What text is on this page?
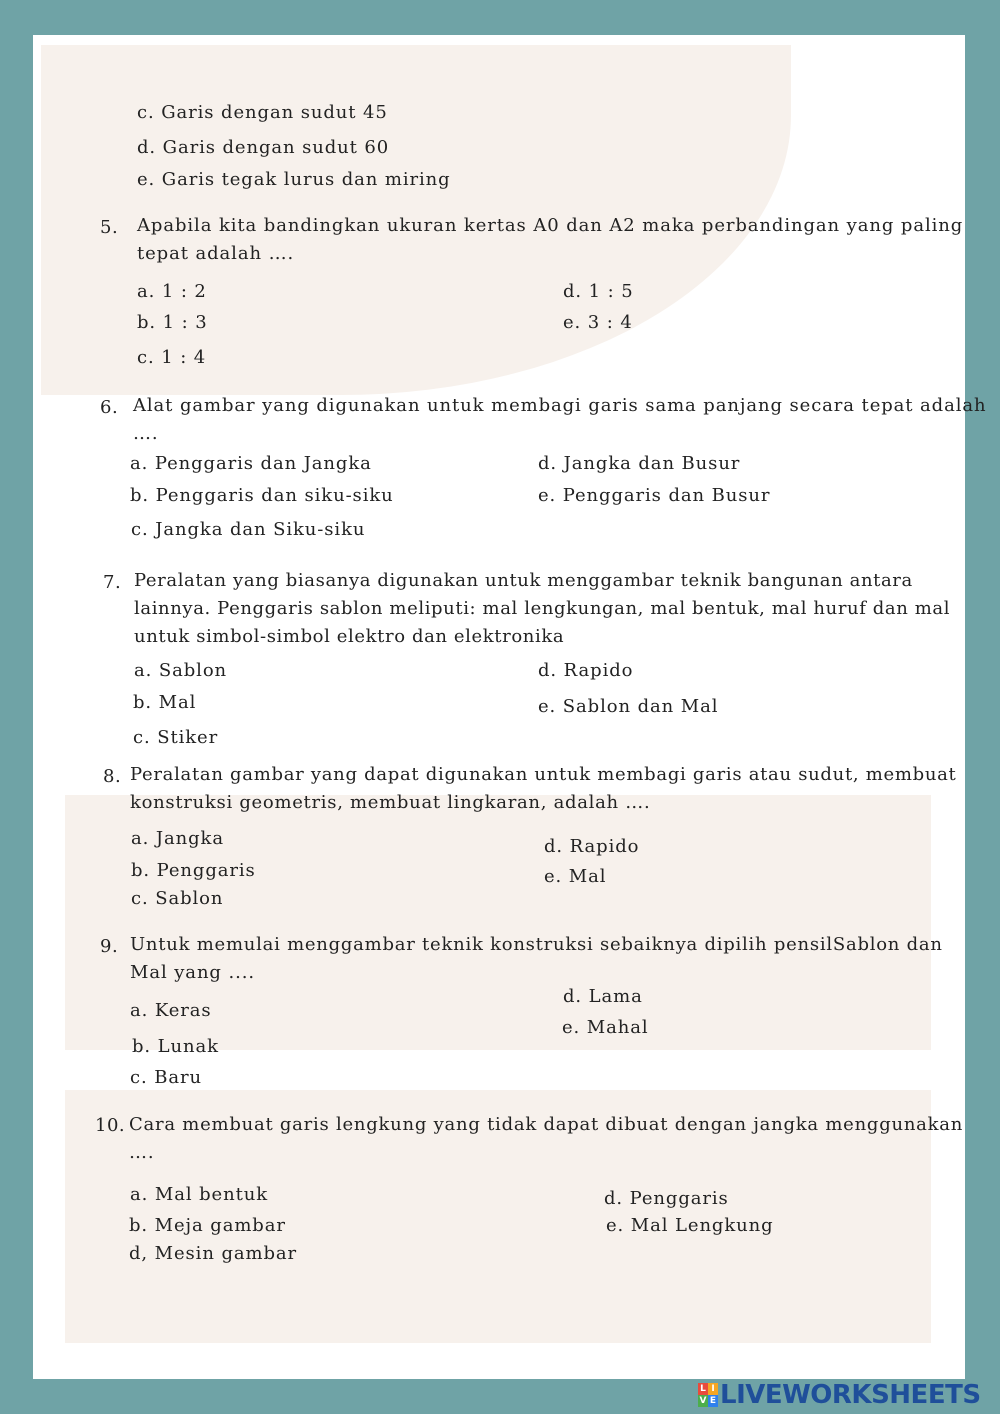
c. Garis dengan sudut 45
d. Garis dengan sudut 60
e. Garis tegak lurus dan miring
5. Apabila kita bandingkan ukuran kertas A0 dan A2 maka perbandingan yang paling
tepat adalah ….
a. 1 : 2
b. 1 : 3
c. 1 : 4
d. 1 : 5
e. 3 : 4
6. Alat gambar yang digunakan untuk membagi garis sama panjang secara tepat adalah
….
a. Penggaris dan Jangka
b. Penggaris dan siku-siku
c. Jangka dan Siku-siku
d. Jangka dan Busur
e. Penggaris dan Busur
7. Peralatan yang biasanya digunakan untuk menggambar teknik bangunan antara
lainnya. Penggaris sablon meliputi: mal lengkungan, mal bentuk, mal huruf dan mal
untuk simbol-simbol elektro dan elektronika
a. Sablon
b. Mal
c. Stiker
d. Rapido
e. Sablon dan Mal
8. Peralatan gambar yang dapat digunakan untuk membagi garis atau sudut, membuat
konstruksi geometris, membuat lingkaran, adalah ….
a. Jangka
b. Penggaris
c. Sablon
d. Rapido
e. Mal
9. Untuk memulai menggambar teknik konstruksi sebaiknya dipilih pensilSablon dan
Mal yang ....
a. Keras
b. Lunak
c. Baru
d. Lama
e. Mahal
10. Cara membuat garis lengkung yang tidak dapat dibuat dengan jangka menggunakan
….
a. Mal bentuk
b. Meja gambar
d, Mesin gambar
d. Penggaris
e. Mal Lengkung
L I
V E LIVEWORKSHEETS
